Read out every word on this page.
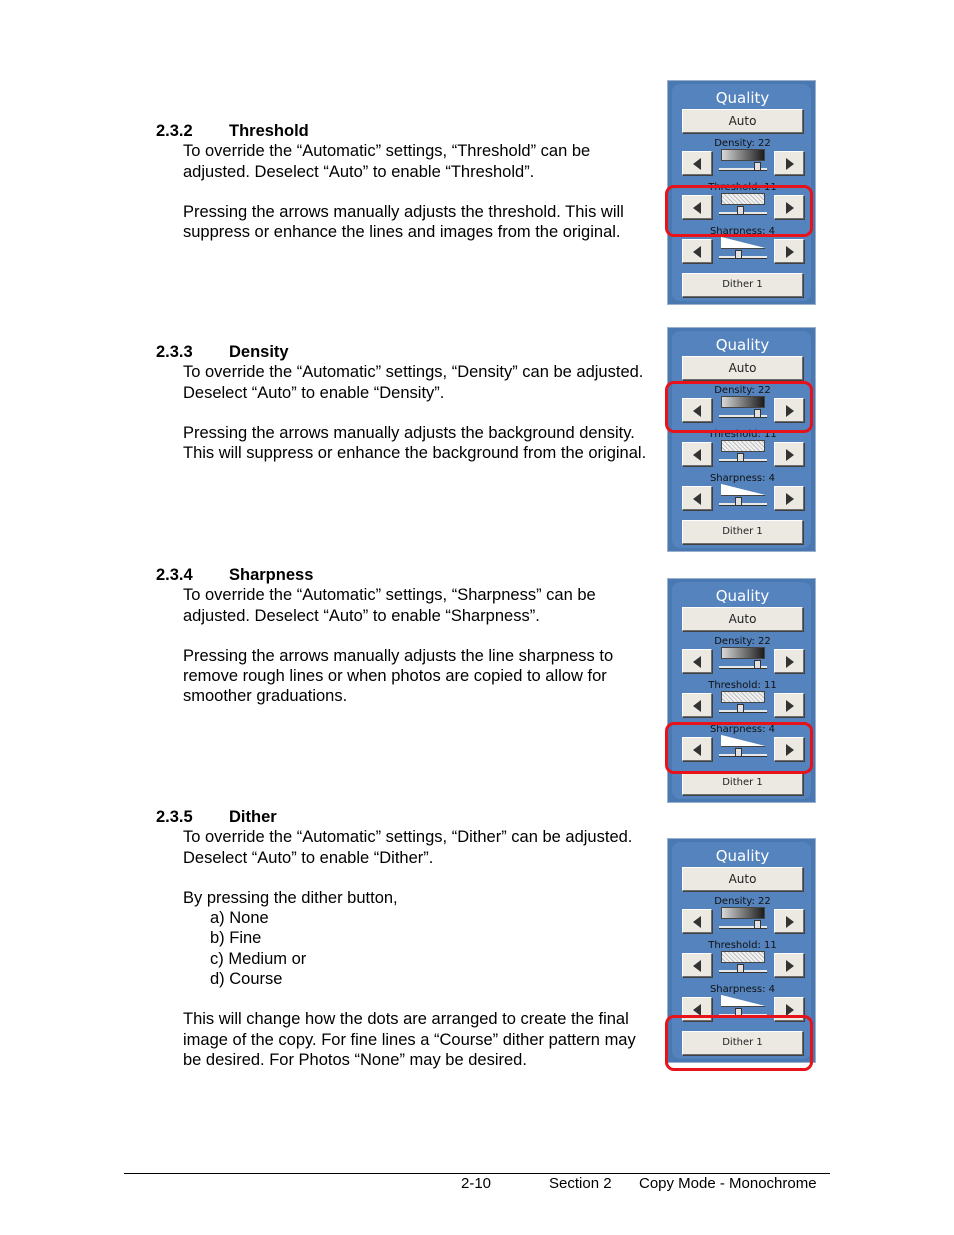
2.3.2 Threshold

To override the “Automatic” settings, “Threshold” can be adjusted. Deselect “Auto” to enable “Threshold”.

Pressing the arrows manually adjusts the threshold. This will suppress or enhance the lines and images from the original.

2.3.3 Density

To override the “Automatic” settings, “Density” can be adjusted. Deselect “Auto” to enable “Density”.

Pressing the arrows manually adjusts the background density. This will suppress or enhance the background from the original.

2.3.4 Sharpness

To override the “Automatic” settings, “Sharpness” can be adjusted. Deselect “Auto” to enable “Sharpness”.

Pressing the arrows manually adjusts the line sharpness to remove rough lines or when photos are copied to allow for smoother graduations.

2.3.5 Dither

To override the “Automatic” settings, “Dither” can be adjusted. Deselect “Auto” to enable “Dither”.

By pressing the dither button,

a) None
b) Fine
c) Medium or
d) Course

This will change how the dots are arranged to create the final image of the copy. For fine lines a “Course” dither pattern may be desired. For Photos “None” may be desired.

Quality
Auto
Density: 22
Threshold: 11
Sharpness: 4
Dither 1
Quality
Auto
Density: 22
Threshold: 11
Sharpness: 4
Dither 1
Quality
Auto
Density: 22
Threshold: 11
Sharpness: 4
Dither 1
Quality
Auto
Density: 22
Threshold: 11
Sharpness: 4
Dither 1
2-10	Section 2 Copy Mode - Monochrome
